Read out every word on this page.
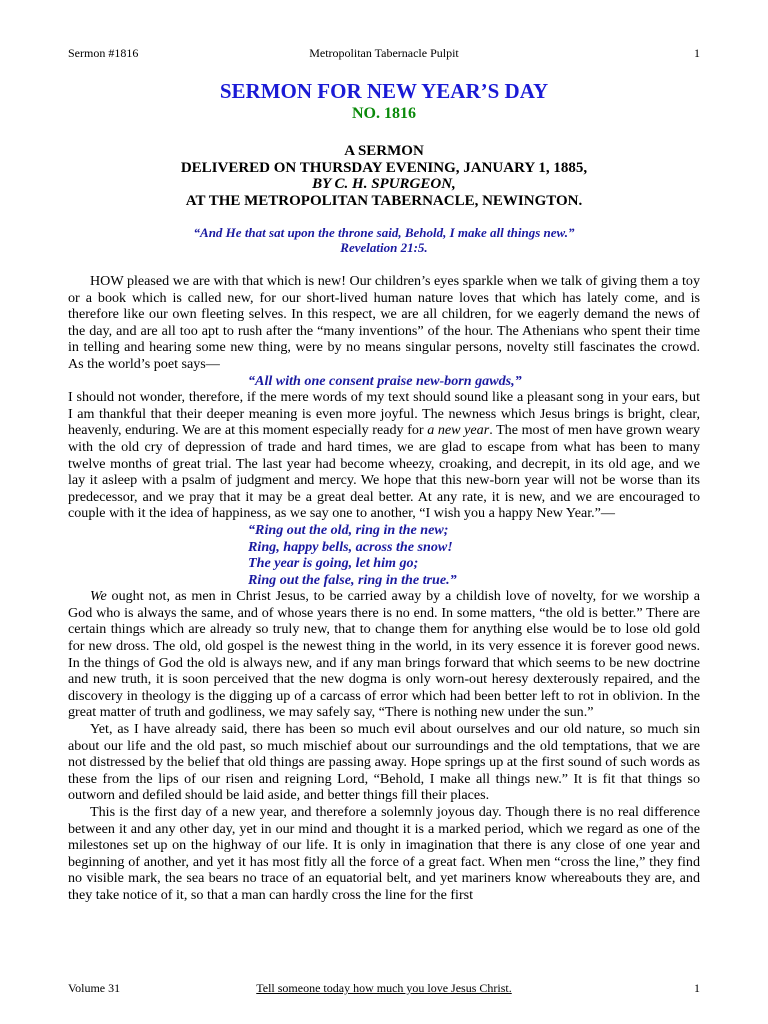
Sermon #1816	Metropolitan Tabernacle Pulpit	1
SERMON FOR NEW YEAR’S DAY
NO. 1816
A SERMON
DELIVERED ON THURSDAY EVENING, JANUARY 1, 1885,
BY C. H. SPURGEON,
AT THE METROPOLITAN TABERNACLE, NEWINGTON.
“And He that sat upon the throne said, Behold, I make all things new.”
Revelation 21:5.

HOW pleased we are with that which is new! Our children’s eyes sparkle when we talk of giving them a toy or a book which is called new, for our short-lived human nature loves that which has lately come, and is therefore like our own fleeting selves. In this respect, we are all children, for we eagerly demand the news of the day, and are all too apt to rush after the “many inventions” of the hour. The Athenians who spent their time in telling and hearing some new thing, were by no means singular persons, novelty still fascinates the crowd. As the world’s poet says—

“All with one consent praise new-born gawds,”

I should not wonder, therefore, if the mere words of my text should sound like a pleasant song in your ears, but I am thankful that their deeper meaning is even more joyful. The newness which Jesus brings is bright, clear, heavenly, enduring. We are at this moment especially ready for a new year. The most of men have grown weary with the old cry of depression of trade and hard times, we are glad to escape from what has been to many twelve months of great trial. The last year had become wheezy, croaking, and decrepit, in its old age, and we lay it asleep with a psalm of judgment and mercy. We hope that this new-born year will not be worse than its predecessor, and we pray that it may be a great deal better. At any rate, it is new, and we are encouraged to couple with it the idea of happiness, as we say one to another, “I wish you a happy New Year.”—

“Ring out the old, ring in the new;
Ring, happy bells, across the snow!
The year is going, let him go;
Ring out the false, ring in the true.”

We ought not, as men in Christ Jesus, to be carried away by a childish love of novelty, for we worship a God who is always the same, and of whose years there is no end. In some matters, “the old is better.” There are certain things which are already so truly new, that to change them for anything else would be to lose old gold for new dross. The old, old gospel is the newest thing in the world, in its very essence it is forever good news. In the things of God the old is always new, and if any man brings forward that which seems to be new doctrine and new truth, it is soon perceived that the new dogma is only worn-out heresy dexterously repaired, and the discovery in theology is the digging up of a carcass of error which had been better left to rot in oblivion. In the great matter of truth and godliness, we may safely say, “There is nothing new under the sun.”

Yet, as I have already said, there has been so much evil about ourselves and our old nature, so much sin about our life and the old past, so much mischief about our surroundings and the old temptations, that we are not distressed by the belief that old things are passing away. Hope springs up at the first sound of such words as these from the lips of our risen and reigning Lord, “Behold, I make all things new.” It is fit that things so outworn and defiled should be laid aside, and better things fill their places.

This is the first day of a new year, and therefore a solemnly joyous day. Though there is no real difference between it and any other day, yet in our mind and thought it is a marked period, which we regard as one of the milestones set up on the highway of our life. It is only in imagination that there is any close of one year and beginning of another, and yet it has most fitly all the force of a great fact. When men “cross the line,” they find no visible mark, the sea bears no trace of an equatorial belt, and yet mariners know whereabouts they are, and they take notice of it, so that a man can hardly cross the line for the first

Volume 31	Tell someone today how much you love Jesus Christ.	1
